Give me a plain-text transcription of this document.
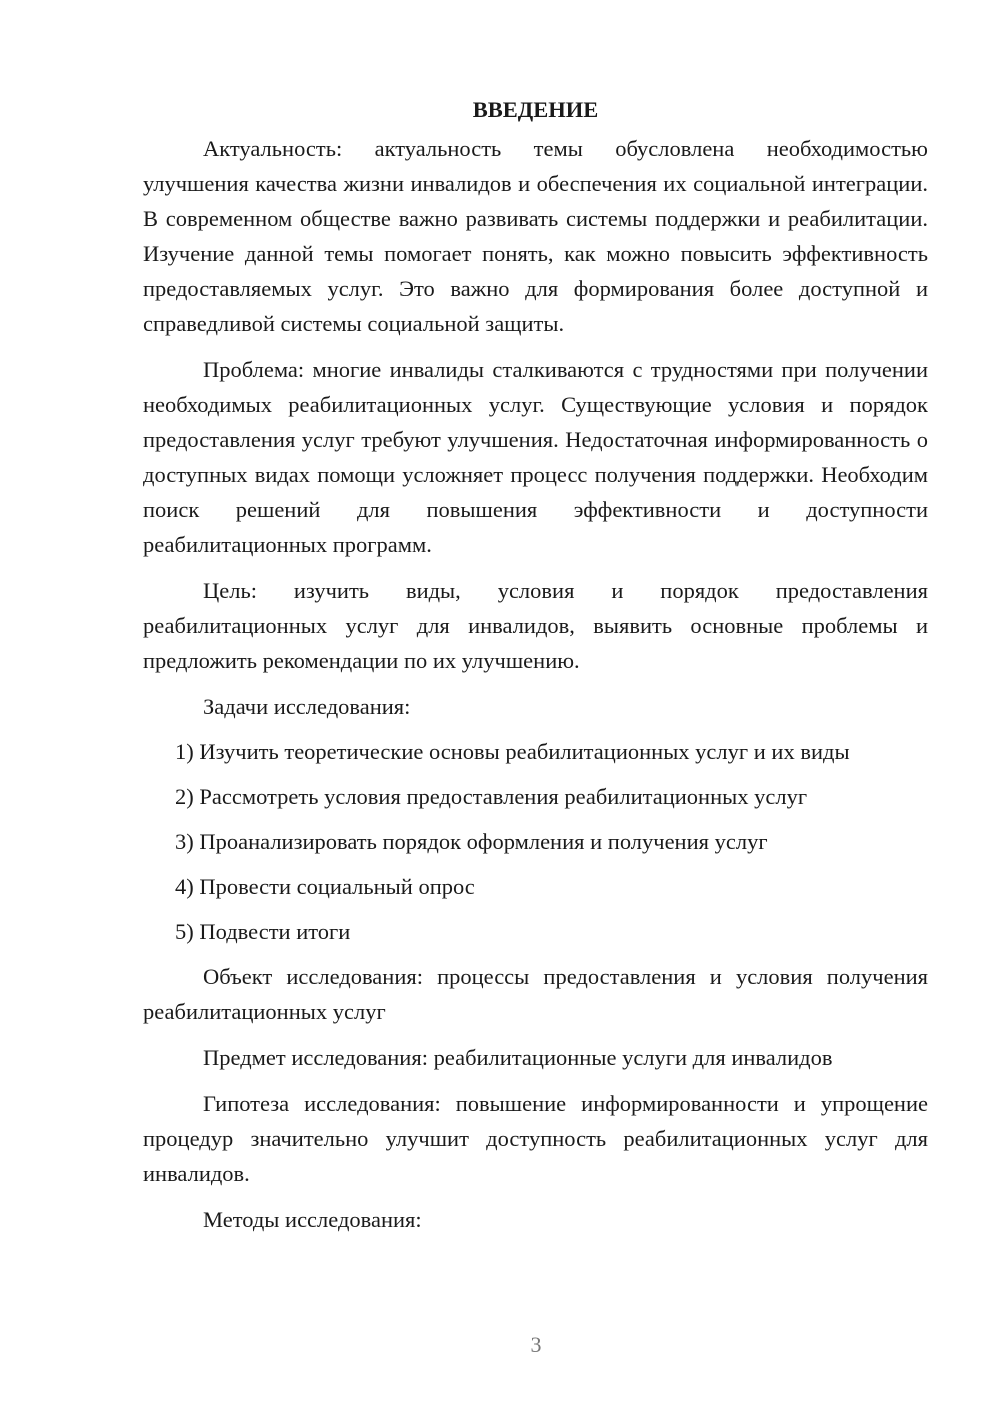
ВВЕДЕНИЕ

Актуальность: актуальность темы обусловлена необходимостью улучшения качества жизни инвалидов и обеспечения их социальной интеграции. В современном обществе важно развивать системы поддержки и реабилитации. Изучение данной темы помогает понять, как можно повысить эффективность предоставляемых услуг. Это важно для формирования более доступной и справедливой системы социальной защиты.

Проблема: многие инвалиды сталкиваются с трудностями при получении необходимых реабилитационных услуг. Существующие условия и порядок предоставления услуг требуют улучшения. Недостаточная информированность о доступных видах помощи усложняет процесс получения поддержки. Необходим поиск решений для повышения эффективности и доступности реабилитационных программ.

Цель: изучить виды, условия и порядок предоставления реабилитационных услуг для инвалидов, выявить основные проблемы и предложить рекомендации по их улучшению.

Задачи исследования:

1) Изучить теоретические основы реабилитационных услуг и их виды
2) Рассмотреть условия предоставления реабилитационных услуг
3) Проанализировать порядок оформления и получения услуг
4) Провести социальный опрос
5) Подвести итоги

Объект исследования: процессы предоставления и условия получения реабилитационных услуг

Предмет исследования: реабилитационные услуги для инвалидов

Гипотеза исследования: повышение информированности и упрощение процедур значительно улучшит доступность реабилитационных услуг для инвалидов.

Методы исследования:

3
